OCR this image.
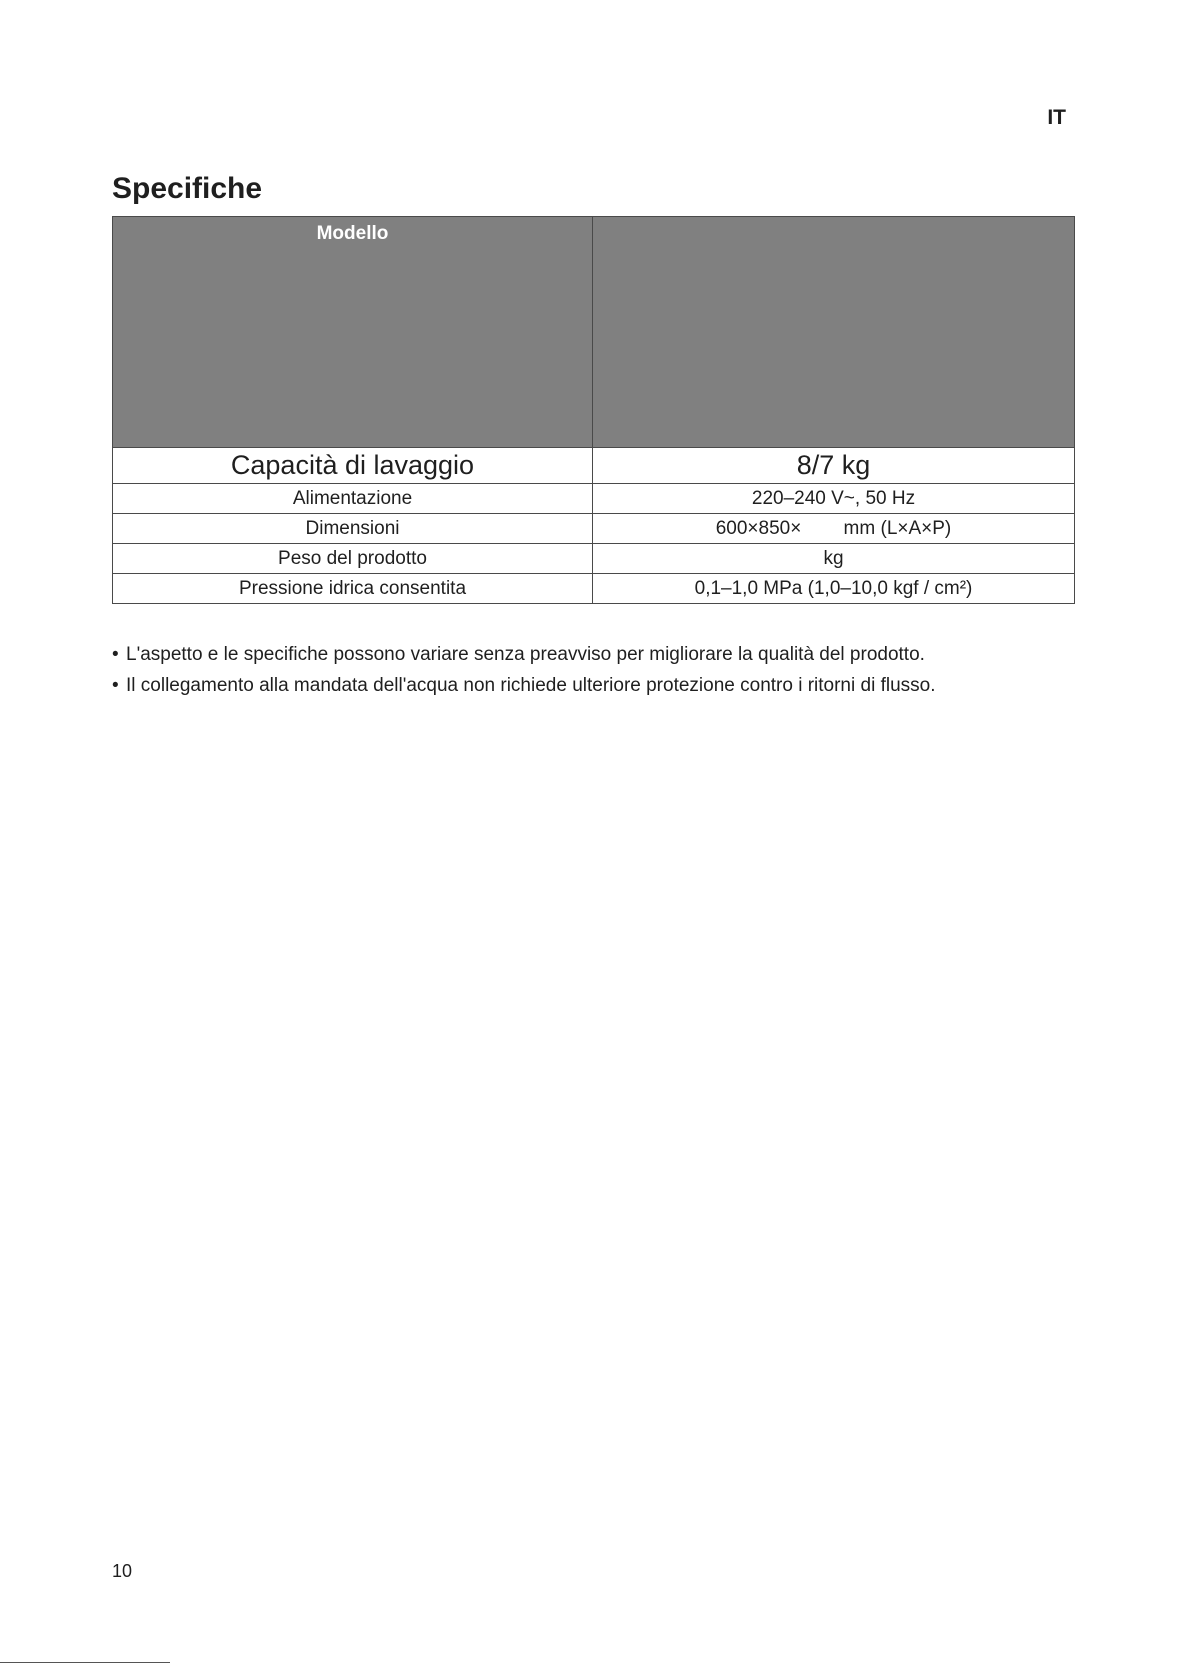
IT
Specifiche
Modello	

Capacità di lavaggio	8/7 kg
Alimentazione	220–240 V~, 50 Hz
Dimensioni	600×850×        mm (L×A×P)
Peso del prodotto	kg
Pressione idrica consentita	0,1–1,0 MPa (1,0–10,0 kgf / cm²)
• L'aspetto e le specifiche possono variare senza preavviso per migliorare la qualità del prodotto.
• Il collegamento alla mandata dell'acqua non richiede ulteriore protezione contro i ritorni di flusso.
10
